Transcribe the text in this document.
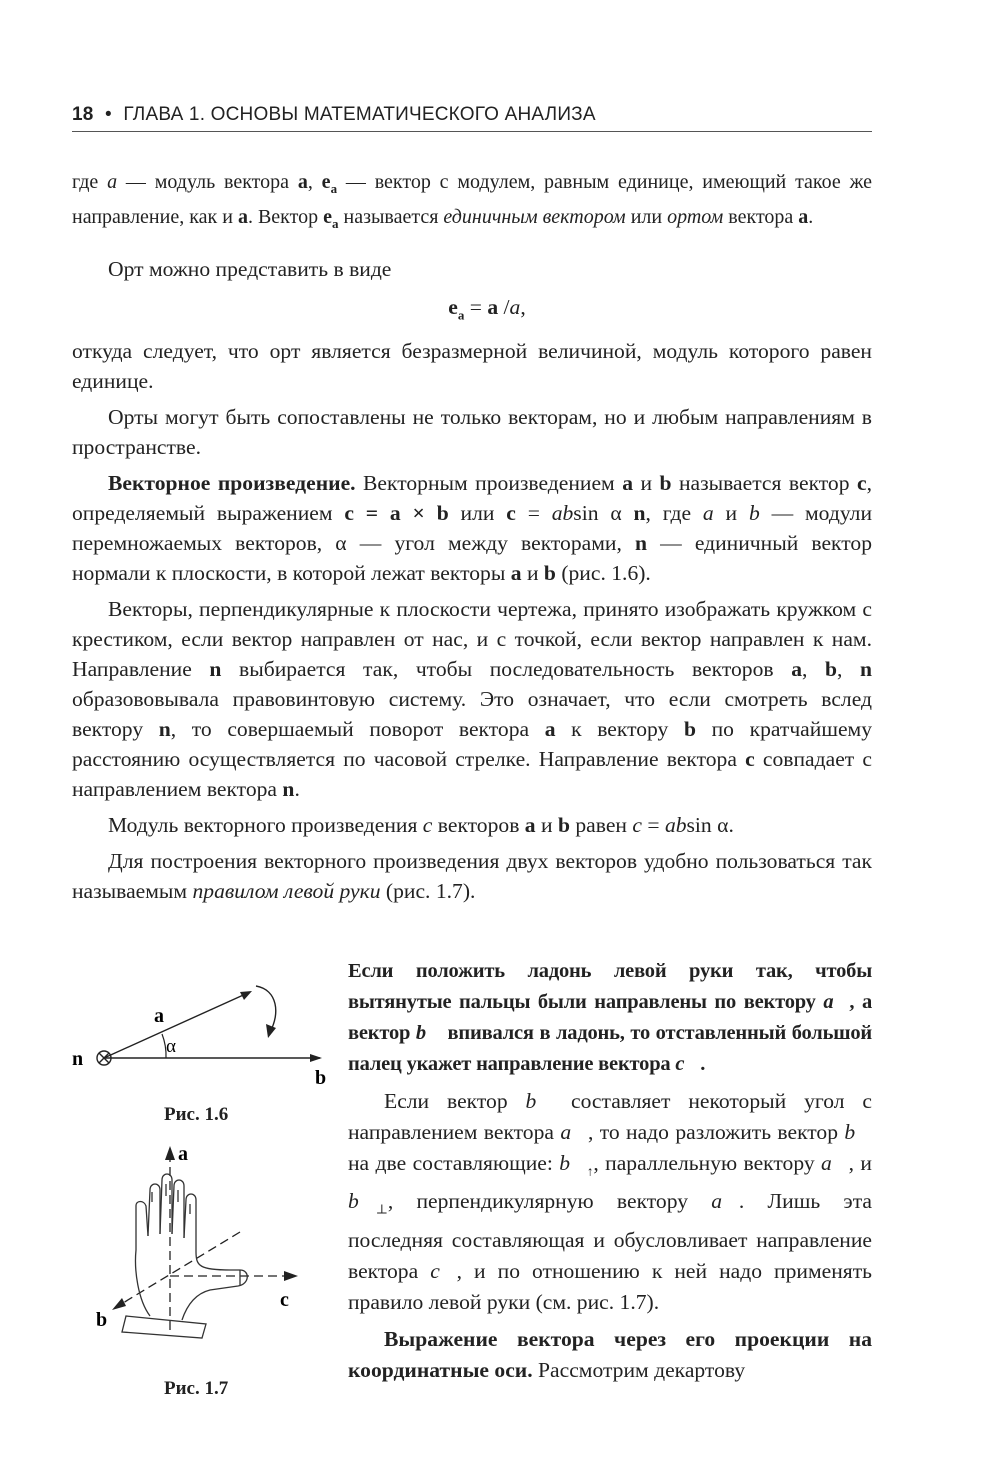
18 • ГЛАВА 1. ОСНОВЫ МАТЕМАТИЧЕСКОГО АНАЛИЗА

где a — модуль вектора a, $e_a$ — вектор с модулем, равным единице, имеющий такое же направление, как и a. Вектор $e_a$ называется единичным вектором или ортом вектора a.

Орт можно представить в виде

$e_a = a$ /a,

откуда следует, что орт является безразмерной величиной, модуль которого равен единице.

Орты могут быть сопоставлены не только векторам, но и любым направлениям в пространстве.

Векторное произведение. Векторным произведением a и b называется вектор c, определяемый выражением c = a × b или c = absin α n, где a и b — модули перемножаемых векторов, α — угол между векторами, n — единичный вектор нормали к плоскости, в которой лежат векторы a и b (рис. 1.6).

Векторы, перпендикулярные к плоскости чертежа, принято изображать кружком с крестиком, если вектор направлен от нас, и с точкой, если вектор направлен к нам. Направление n выбирается так, чтобы последовательность векторов a, b, n образововывала правовинтовую систему. Это означает, что если смотреть вслед вектору n, то совершаемый поворот вектора a к вектору b по кратчайшему расстоянию осуществляется по часовой стрелке. Направление вектора c совпадает с направлением вектора n.

Модуль векторного произведения c векторов a и b равен c = absin α.

Для построения векторного произведения двух векторов удобно пользоваться так называемым правилом левой руки (рис. 1.7).

Если положить ладонь левой руки так, чтобы вытянутые пальцы были направлены по вектору a⃗, а вектор b⃗ впивался в ладонь, то отставленный большой палец укажет направление вектора c⃗.

Если вектор b⃗ составляет некоторый угол с направлением вектора a⃗, то надо разложить вектор b⃗ на две составляющие: $b⃗_↑$, параллельную вектору a⃗, и $b⃗_\perp$, перпендикулярную вектору a⃗. Лишь эта последняя составляющая и обусловливает направление вектора c⃗, и по отношению к ней надо применять правило левой руки (см. рис. 1.7).

Выражение вектора через его проекции на координатные оси. Рассмотрим декартову

a
α
n
b
Рис. 1.6
a
b
c
Рис. 1.7
